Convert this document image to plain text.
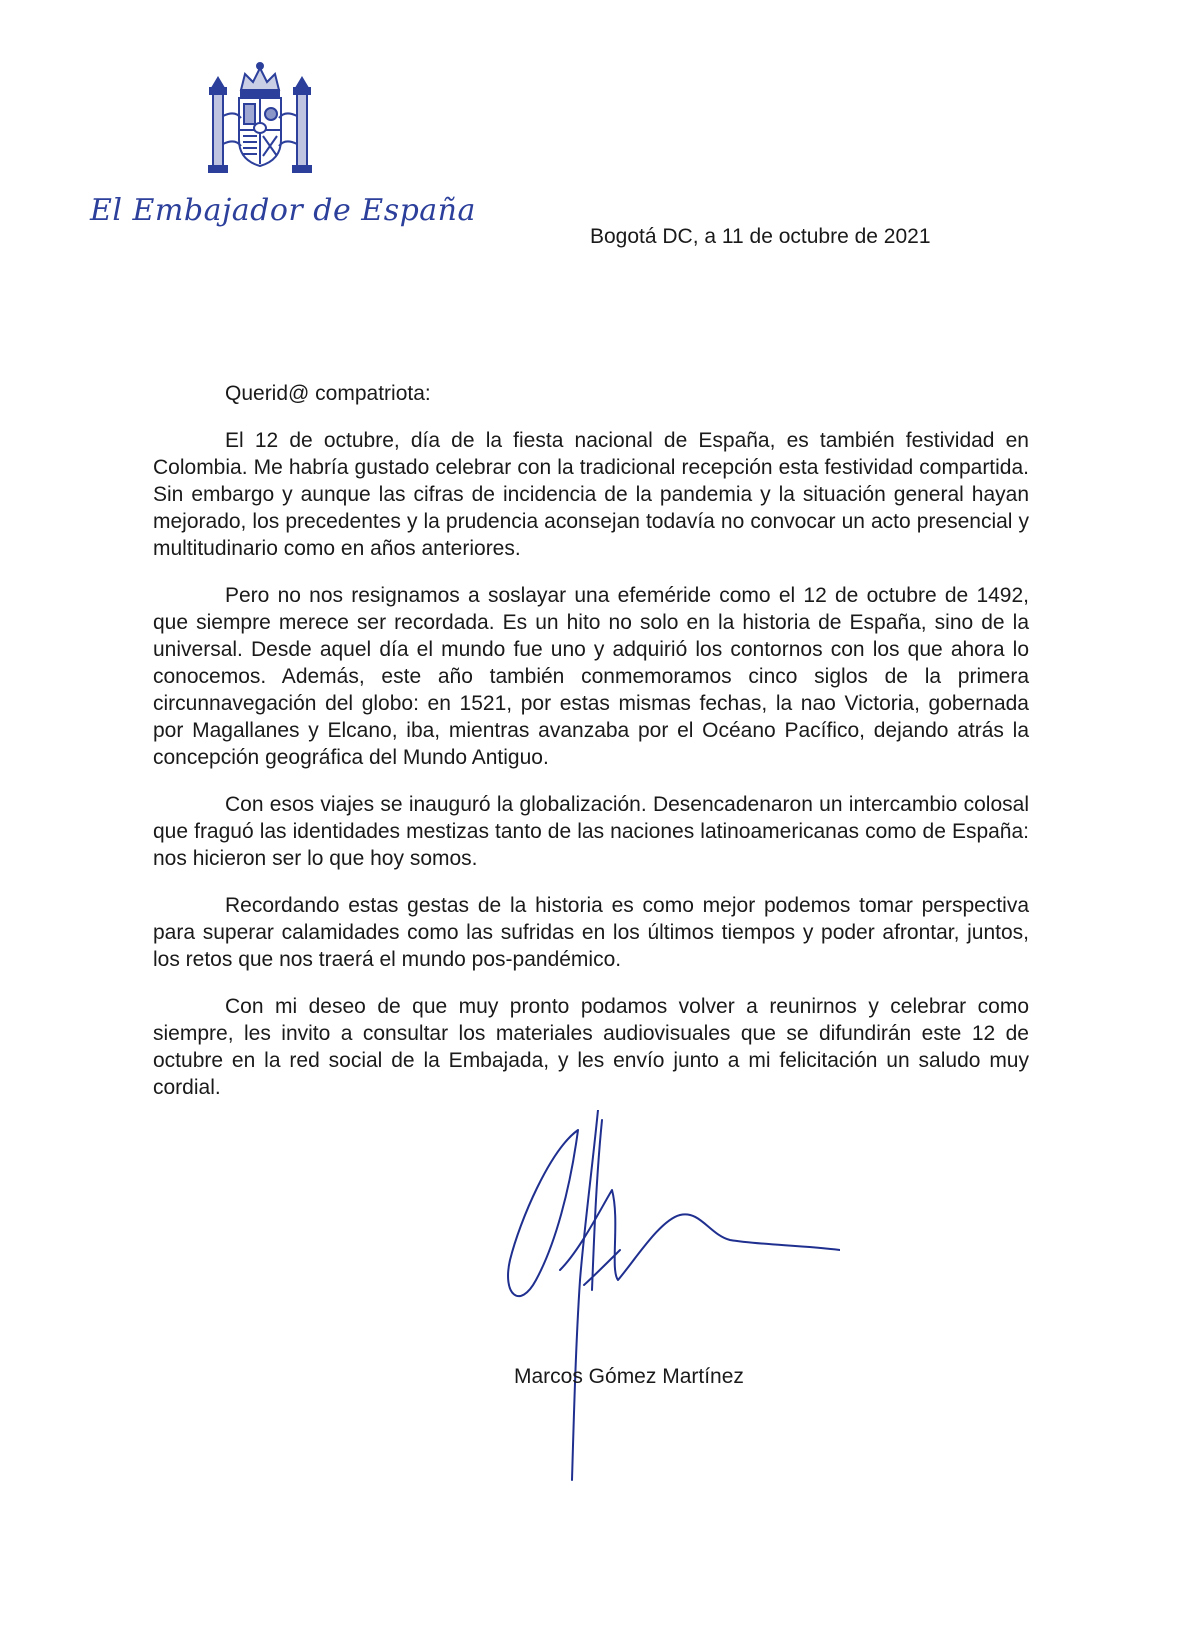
El Embajador de España
Bogotá DC, a 11 de octubre de 2021

Querid@ compatriota:

El 12 de octubre, día de la fiesta nacional de España, es también festividad en Colombia. Me habría gustado celebrar con la tradicional recepción esta festividad compartida. Sin embargo y aunque las cifras de incidencia de la pandemia y la situación general hayan mejorado, los precedentes y la prudencia aconsejan todavía no convocar un acto presencial y multitudinario como en años anteriores.

Pero no nos resignamos a soslayar una efeméride como el 12 de octubre de 1492, que siempre merece ser recordada. Es un hito no solo en la historia de España, sino de la universal. Desde aquel día el mundo fue uno y adquirió los contornos con los que ahora lo conocemos. Además, este año también conmemoramos cinco siglos de la primera circunnavegación del globo: en 1521, por estas mismas fechas, la nao Victoria, gobernada por Magallanes y Elcano, iba, mientras avanzaba por el Océano Pacífico, dejando atrás la concepción geográfica del Mundo Antiguo.

Con esos viajes se inauguró la globalización. Desencadenaron un intercambio colosal que fraguó las identidades mestizas tanto de las naciones latinoamericanas como de España: nos hicieron ser lo que hoy somos.

Recordando estas gestas de la historia es como mejor podemos tomar perspectiva para superar calamidades como las sufridas en los últimos tiempos y poder afrontar, juntos, los retos que nos traerá el mundo pos-pandémico.

Con mi deseo de que muy pronto podamos volver a reunirnos y celebrar como siempre, les invito a consultar los materiales audiovisuales que se difundirán este 12 de octubre en la red social de la Embajada, y les envío junto a mi felicitación un saludo muy cordial.

Marcos Gómez Martínez
